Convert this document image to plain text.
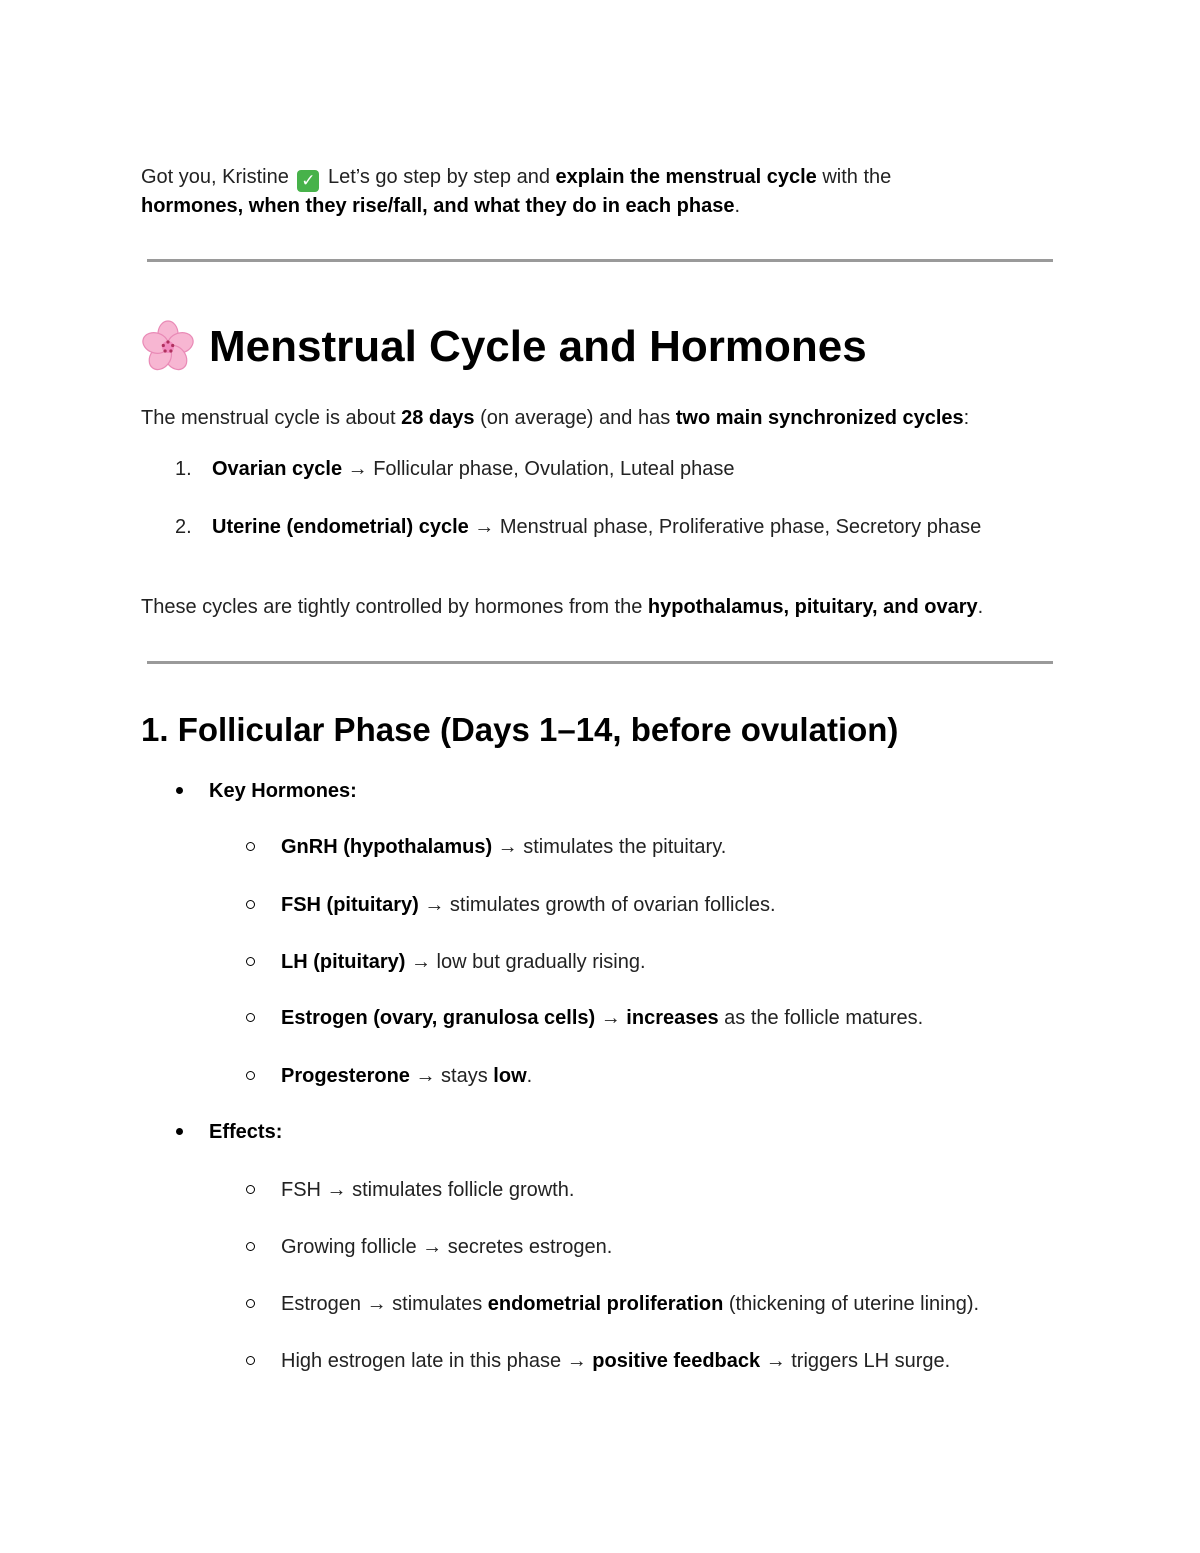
Got you, Kristine ✓ Let’s go step by step and explain the menstrual cycle with the
hormones, when they rise/fall, and what they do in each phase.
Menstrual Cycle and Hormones
The menstrual cycle is about 28 days (on average) and has two main synchronized cycles:
1. Ovarian cycle → Follicular phase, Ovulation, Luteal phase
2. Uterine (endometrial) cycle → Menstrual phase, Proliferative phase, Secretory phase
These cycles are tightly controlled by hormones from the hypothalamus, pituitary, and ovary.
1. Follicular Phase (Days 1–14, before ovulation)
Key Hormones:
GnRH (hypothalamus) → stimulates the pituitary.
FSH (pituitary) → stimulates growth of ovarian follicles.
LH (pituitary) → low but gradually rising.
Estrogen (ovary, granulosa cells) → increases as the follicle matures.
Progesterone → stays low.
Effects:
FSH → stimulates follicle growth.
Growing follicle → secretes estrogen.
Estrogen → stimulates endometrial proliferation (thickening of uterine lining).
High estrogen late in this phase → positive feedback → triggers LH surge.
